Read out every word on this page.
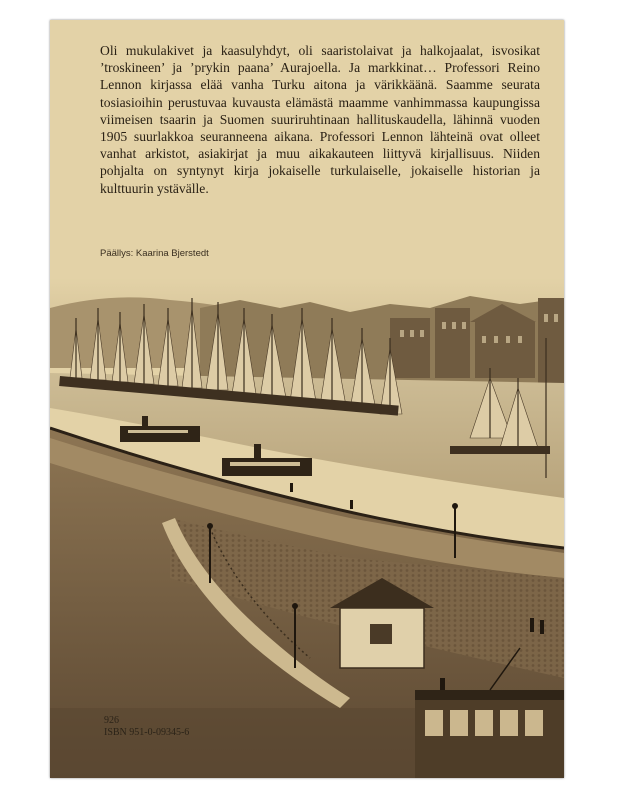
Oli mukulakivet ja kaasulyhdyt, oli saaristolaivat ja halkojaalat, isvosikat ’troskineen’ ja ’prykin paana’ Aurajoella. Ja markkinat… Professori Reino Lennon kirjassa elää vanha Turku aitona ja värikkäänä. Saamme seurata tosiasioihin perustuvaa kuvausta elämästä maamme vanhimmassa kaupungissa viimeisen tsaarin ja Suomen suuriruhtinaan hallituskaudella, lähinnä vuoden 1905 suurlakkoa seuranneena aikana. Professori Lennon lähteinä ovat olleet vanhat arkistot, asiakirjat ja muu aikakauteen liittyvä kirjallisuus. Niiden pohjalta on syntynyt kirja jokaiselle turkulaiselle, jokaiselle historian ja kulttuurin ystävälle.

Päällys: Kaarina Bjerstedt
926
ISBN 951-0-09345-6
